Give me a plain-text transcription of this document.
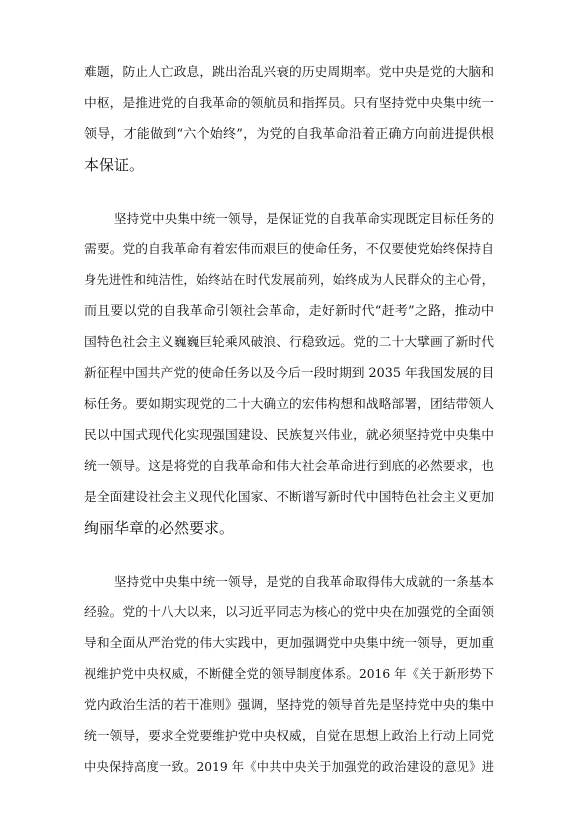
难题，防止人亡政息，跳出治乱兴衰的历史周期率。党中央是党的大脑和
中枢，是推进党的自我革命的领航员和指挥员。只有坚持党中央集中统一
领导，才能做到“六个始终”，为党的自我革命沿着正确方向前进提供根
本保证。
坚持党中央集中统一领导，是保证党的自我革命实现既定目标任务的
需要。党的自我革命有着宏伟而艰巨的使命任务，不仅要使党始终保持自
身先进性和纯洁性，始终站在时代发展前列，始终成为人民群众的主心骨，
而且要以党的自我革命引领社会革命，走好新时代“赶考”之路，推动中
国特色社会主义巍巍巨轮乘风破浪、行稳致远。党的二十大擘画了新时代
新征程中国共产党的使命任务以及今后一段时期到 2035 年我国发展的目
标任务。要如期实现党的二十大确立的宏伟构想和战略部署，团结带领人
民以中国式现代化实现强国建设、民族复兴伟业，就必须坚持党中央集中
统一领导。这是将党的自我革命和伟大社会革命进行到底的必然要求，也
是全面建设社会主义现代化国家、不断谱写新时代中国特色社会主义更加
绚丽华章的必然要求。
坚持党中央集中统一领导，是党的自我革命取得伟大成就的一条基本
经验。党的十八大以来，以习近平同志为核心的党中央在加强党的全面领
导和全面从严治党的伟大实践中，更加强调党中央集中统一领导，更加重
视维护党中央权威，不断健全党的领导制度体系。2016 年《关于新形势下
党内政治生活的若干准则》强调，坚持党的领导首先是坚持党中央的集中
统一领导，要求全党要维护党中央权威，自觉在思想上政治上行动上同党
中央保持高度一致。2019 年《中共中央关于加强党的政治建设的意见》进
